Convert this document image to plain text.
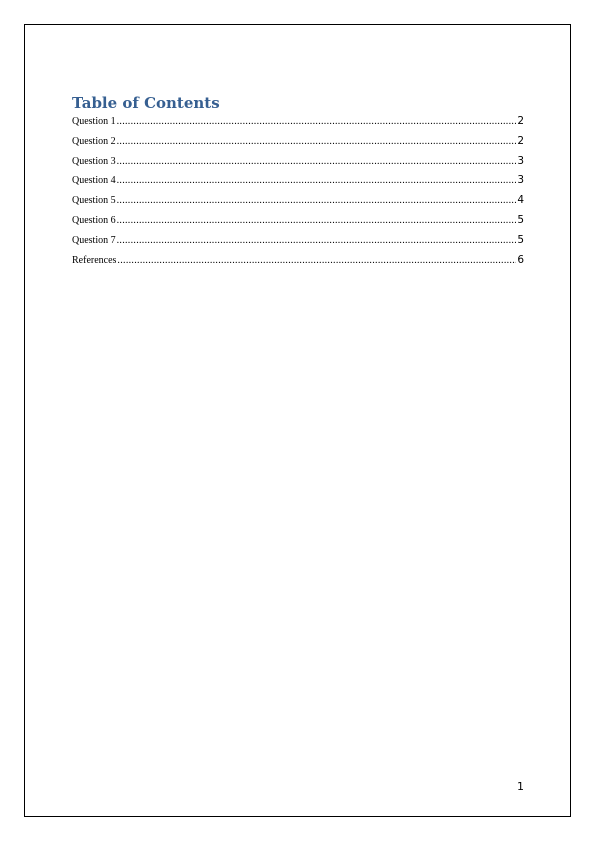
Table of Contents
Question 1 .....	2
Question 2 .....	2
Question 3 .....	3
Question 4 .....	3
Question 5 .....	4
Question 6 .....	5
Question 7 .....	5
References .....	6
1
